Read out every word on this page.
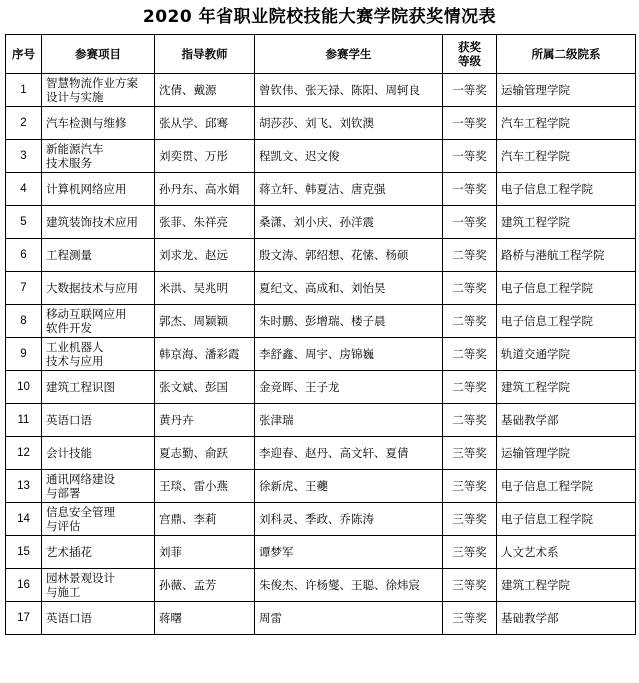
2020 年省职业院校技能大赛学院获奖情况表
序号	参赛项目	指导教师	参赛学生	获奖
等级	所属二级院系
1	智慧物流作业方案
设计与实施	沈倩、戴源	曾钦伟、张天禄、陈阳、周轲良	一等奖	运输管理学院
2	汽车检测与维修	张从学、邱骞	胡莎莎、刘飞、刘钦澳	一等奖	汽车工程学院
3	新能源汽车
技术服务	刘奕贯、万彤	程凯文、迟文俊	一等奖	汽车工程学院
4	计算机网络应用	孙丹东、高水娟	蒋立轩、韩夏洁、唐克强	一等奖	电子信息工程学院
5	建筑装饰技术应用	张菲、朱祥亮	桑潇、刘小庆、孙洋震	一等奖	建筑工程学院
6	工程测量	刘求龙、赵远	殷文涛、郭绍想、花愫、杨硕	二等奖	路桥与港航工程学院
7	大数据技术与应用	米洪、吴兆明	夏纪文、高成和、刘怡昊	二等奖	电子信息工程学院
8	移动互联网应用
软件开发	郭杰、周颖颖	朱时鹏、彭增瑞、楼子晨	二等奖	电子信息工程学院
9	工业机器人
技术与应用	韩京海、潘彩霞	李舒鑫、周宇、房锦巍	二等奖	轨道交通学院
10	建筑工程识图	张文斌、彭国	金竞晖、王子龙	二等奖	建筑工程学院
11	英语口语	黄丹卉	张津瑞	二等奖	基础教学部
12	会计技能	夏志勤、俞跃	李迎春、赵丹、高文轩、夏倩	三等奖	运输管理学院
13	通讯网络建设
与部署	王琰、雷小燕	徐新虎、王虁	三等奖	电子信息工程学院
14	信息安全管理
与评估	宫鼎、李莉	刘科灵、季政、乔陈涛	三等奖	电子信息工程学院
15	艺术插花	刘菲	谭梦军	三等奖	人文艺术系
16	园林景观设计
与施工	孙薇、孟芳	朱俊杰、许杨燮、王聪、徐炜宸	三等奖	建筑工程学院
17	英语口语	蒋曙	周雷	三等奖	基础教学部
